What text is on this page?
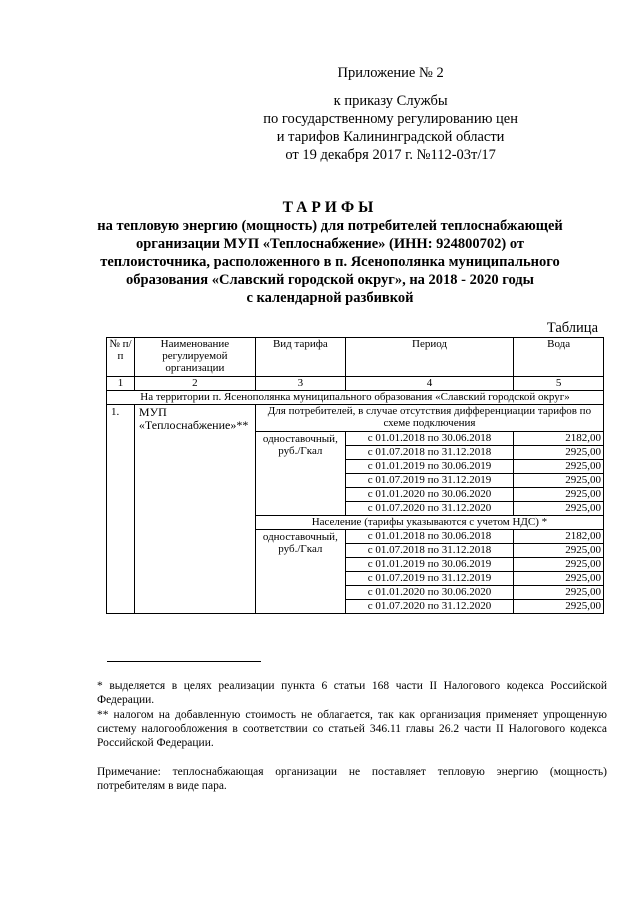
Приложение № 2
к приказу Службы
по государственному регулированию цен
и тарифов Калининградской области
от 19 декабря 2017 г. №112-03т/17
ТАРИФЫ
на тепловую энергию (мощность) для потребителей теплоснабжающей
организации МУП «Теплоснабжение» (ИНН: 924800702) от
теплоисточника, расположенного в п. Ясенополянка муниципального
образования «Славский городской округ», на 2018 - 2020 годы
с календарной разбивкой
Таблица
№ п/п	Наименование регулируемой организации	Вид тарифа	Период	Вода
1	2	3	4	5
На территории п. Ясенополянка муниципального образования «Славский городской округ»				
1.	МУП «Теплоснабжение»**	Для потребителей, в случае отсутствия дифференциации тарифов по схеме подключения		
		одноставочный, руб./Гкал	с 01.01.2018 по 30.06.2018	2182,00
			с 01.07.2018 по 31.12.2018	2925,00
			с 01.01.2019 по 30.06.2019	2925,00
			с 01.07.2019 по 31.12.2019	2925,00
			с 01.01.2020 по 30.06.2020	2925,00
			с 01.07.2020 по 31.12.2020	2925,00
		Население (тарифы указываются с учетом НДС) *		
		одноставочный, руб./Гкал	с 01.01.2018 по 30.06.2018	2182,00
			с 01.07.2018 по 31.12.2018	2925,00
			с 01.01.2019 по 30.06.2019	2925,00
			с 01.07.2019 по 31.12.2019	2925,00
			с 01.01.2020 по 30.06.2020	2925,00
			с 01.07.2020 по 31.12.2020	2925,00
* выделяется в целях реализации пункта 6 статьи 168 части II Налогового кодекса Российской Федерации.
** налогом на добавленную стоимость не облагается, так как организация применяет упрощенную систему налогообложения в соответствии со статьей 346.11 главы 26.2 части II Налогового кодекса Российской Федерации.
Примечание: теплоснабжающая организации не поставляет тепловую энергию (мощность) потребителям в виде пара.
